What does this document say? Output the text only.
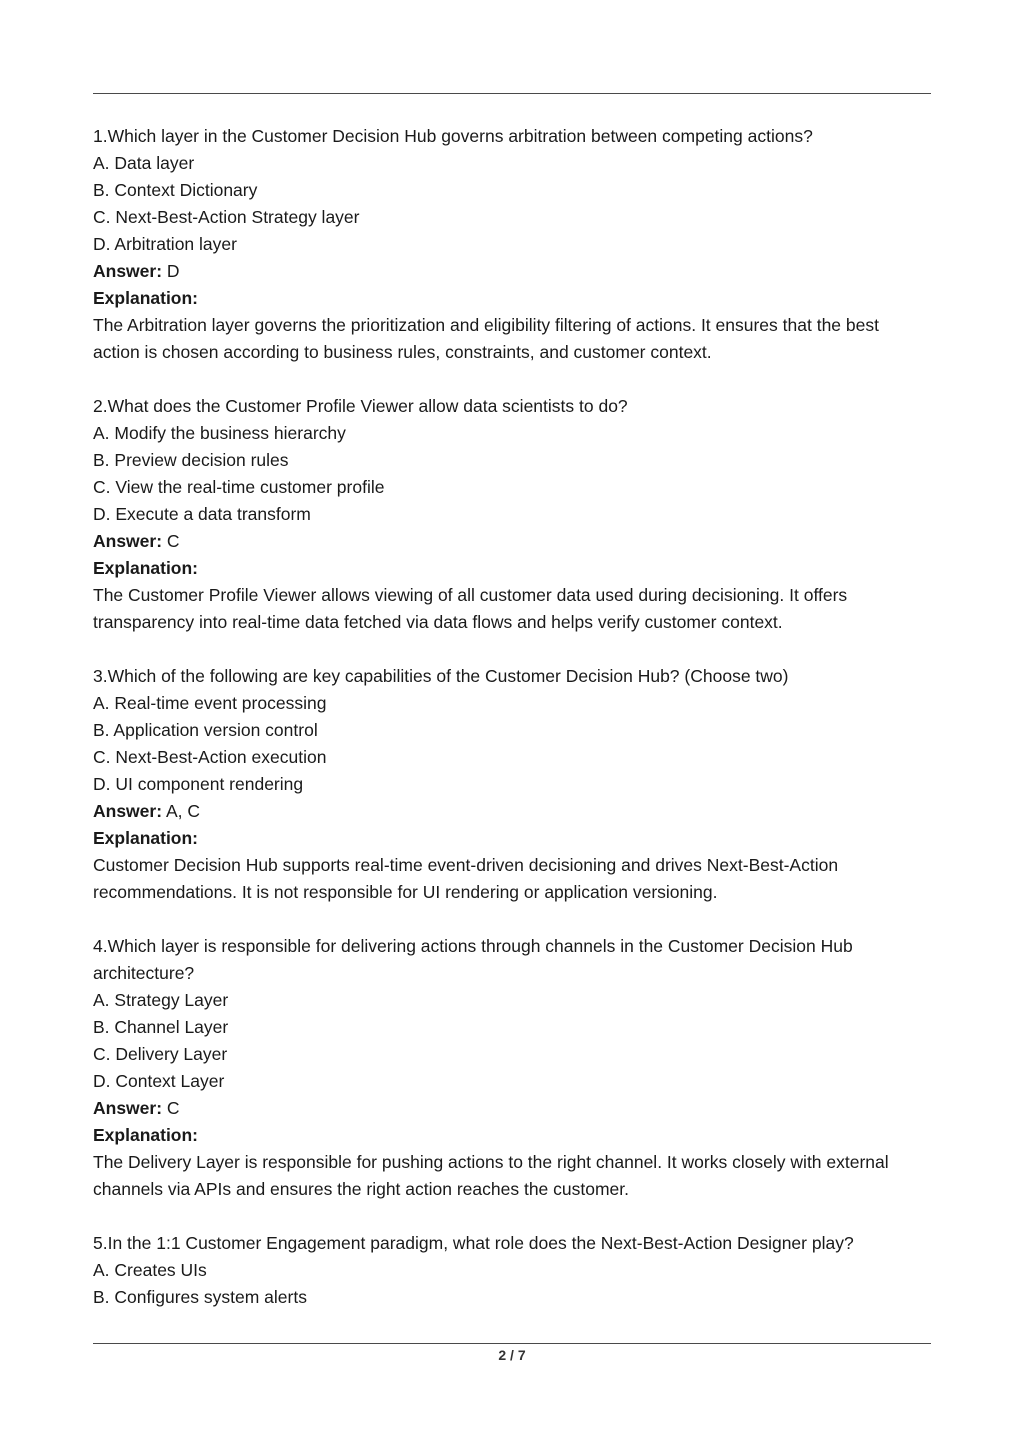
1.Which layer in the Customer Decision Hub governs arbitration between competing actions?
A. Data layer
B. Context Dictionary
C. Next-Best-Action Strategy layer
D. Arbitration layer
Answer: D
Explanation:
The Arbitration layer governs the prioritization and eligibility filtering of actions. It ensures that the best action is chosen according to business rules, constraints, and customer context.
2.What does the Customer Profile Viewer allow data scientists to do?
A. Modify the business hierarchy
B. Preview decision rules
C. View the real-time customer profile
D. Execute a data transform
Answer: C
Explanation:
The Customer Profile Viewer allows viewing of all customer data used during decisioning. It offers transparency into real-time data fetched via data flows and helps verify customer context.
3.Which of the following are key capabilities of the Customer Decision Hub? (Choose two)
A. Real-time event processing
B. Application version control
C. Next-Best-Action execution
D. UI component rendering
Answer: A, C
Explanation:
Customer Decision Hub supports real-time event-driven decisioning and drives Next-Best-Action recommendations. It is not responsible for UI rendering or application versioning.
4.Which layer is responsible for delivering actions through channels in the Customer Decision Hub architecture?
A. Strategy Layer
B. Channel Layer
C. Delivery Layer
D. Context Layer
Answer: C
Explanation:
The Delivery Layer is responsible for pushing actions to the right channel. It works closely with external channels via APIs and ensures the right action reaches the customer.
5.In the 1:1 Customer Engagement paradigm, what role does the Next-Best-Action Designer play?
A. Creates UIs
B. Configures system alerts
2 / 7
